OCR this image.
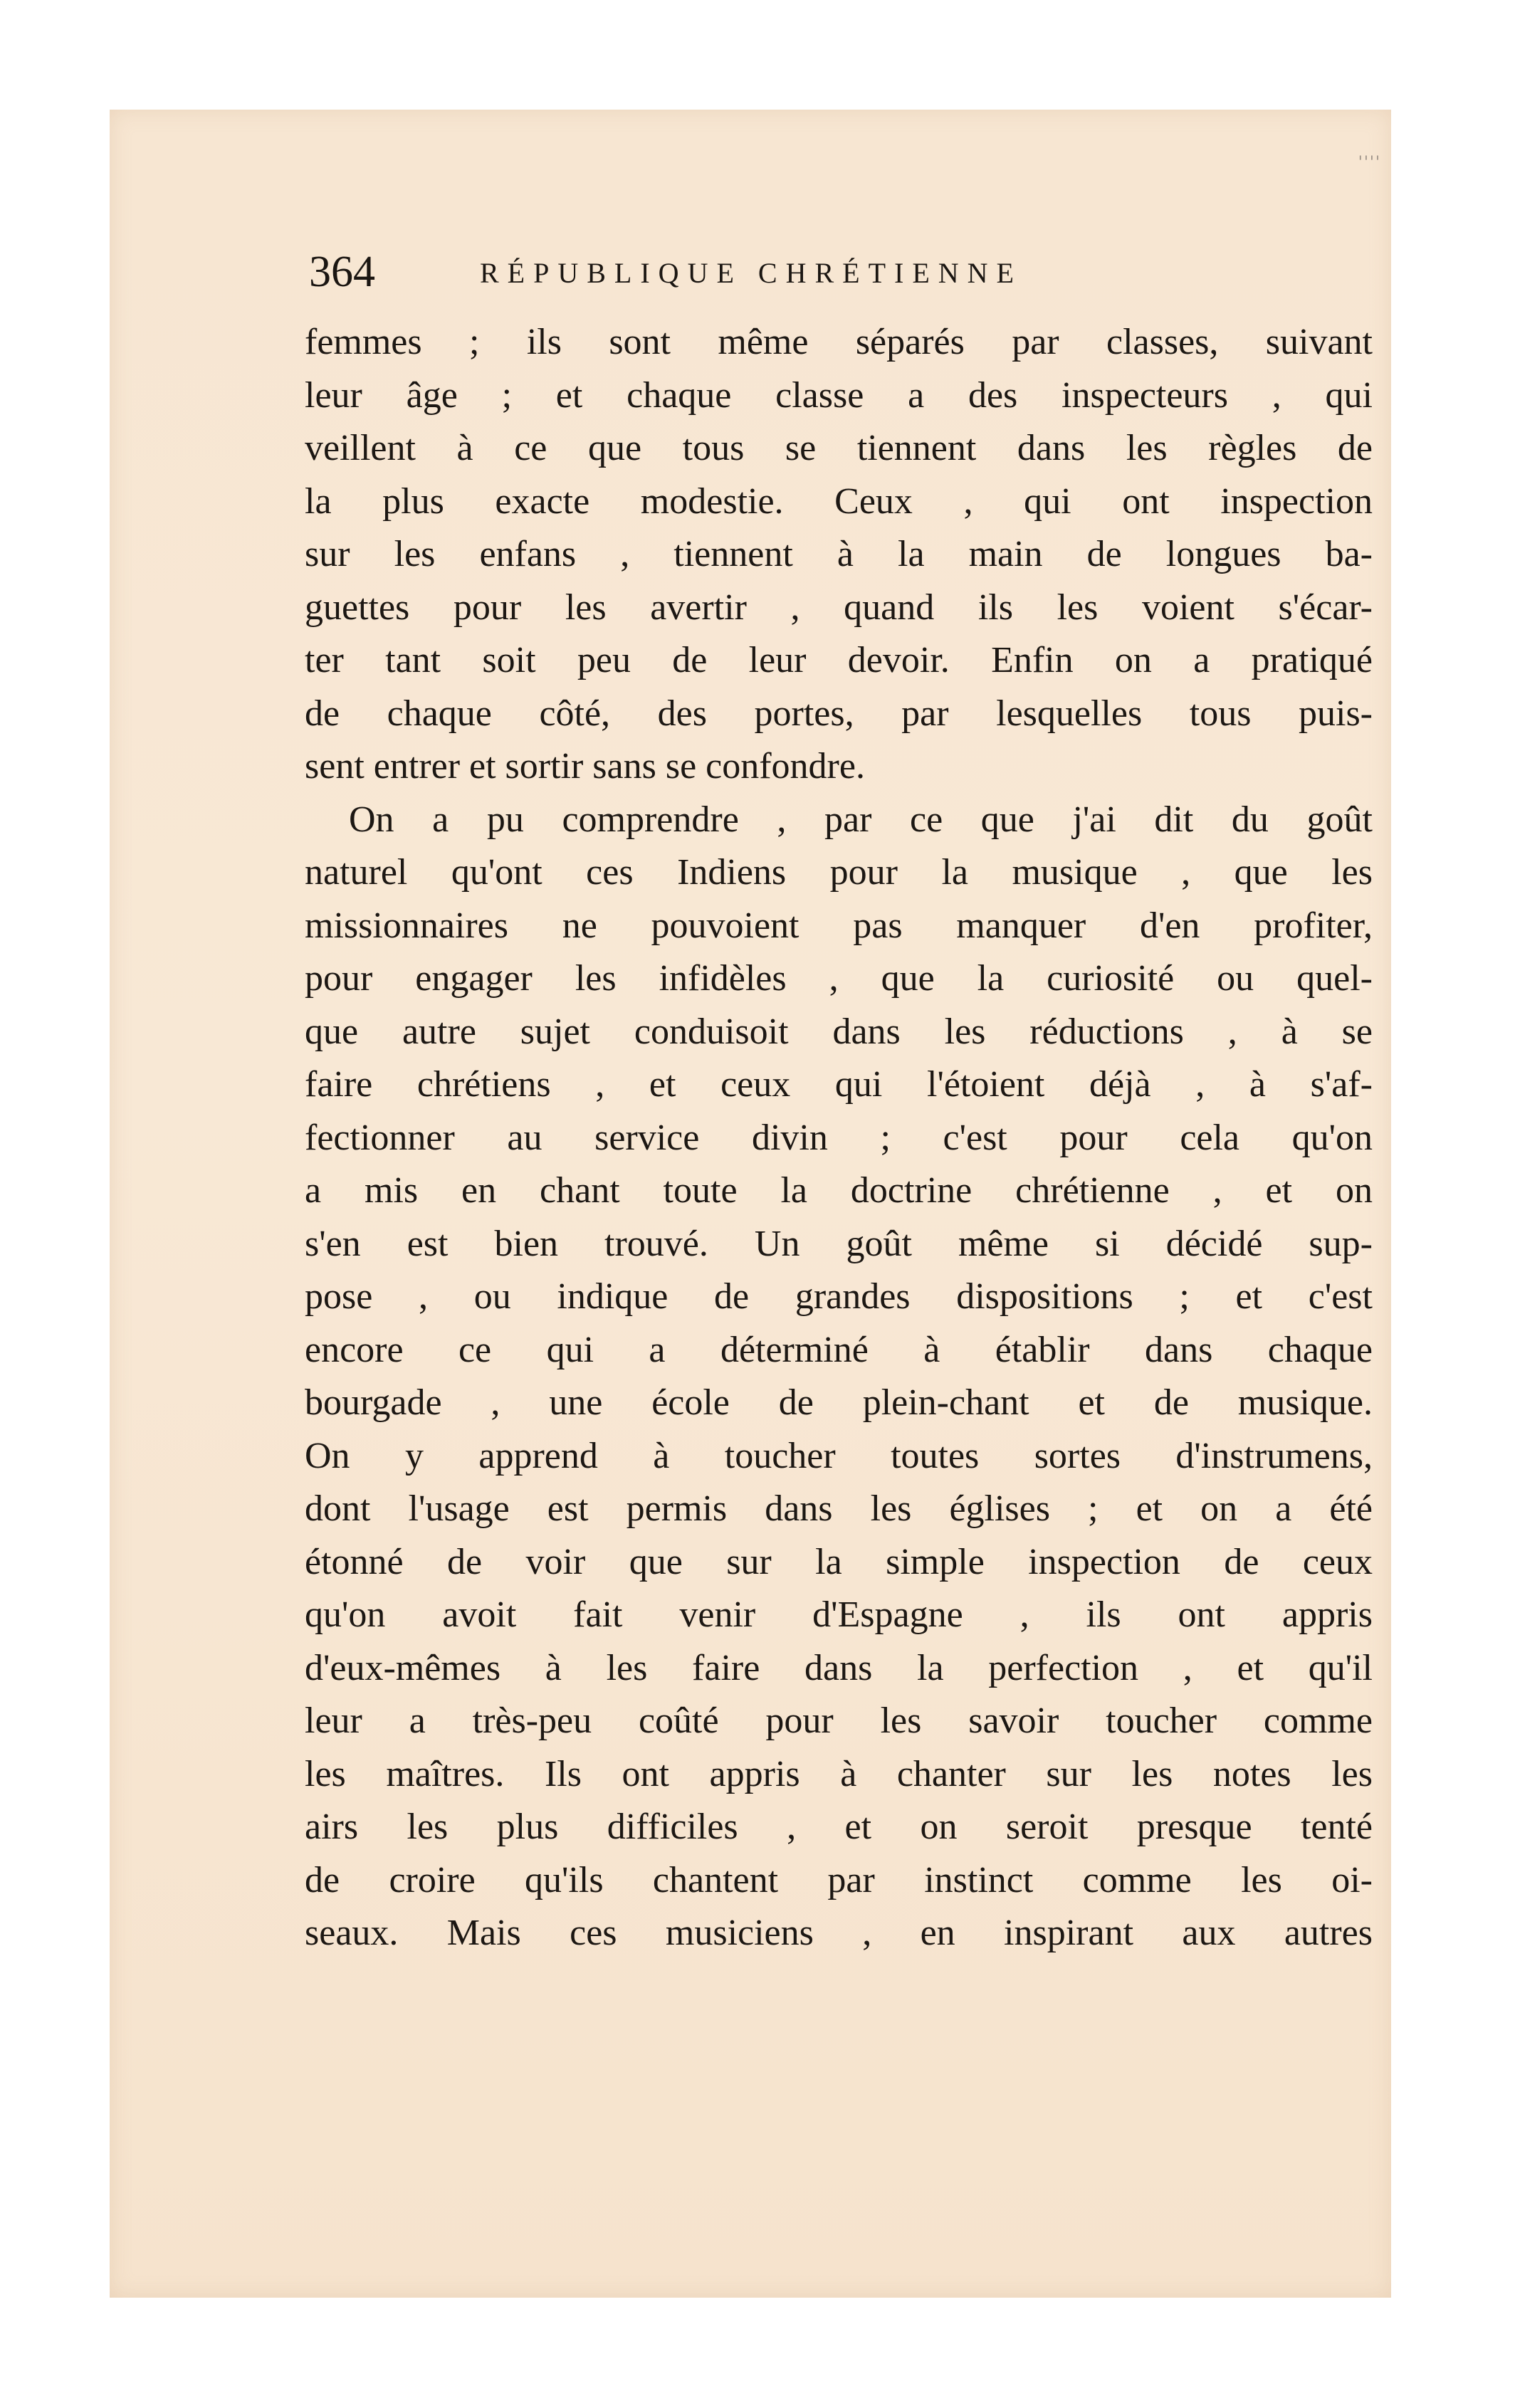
''''
364	RÉPUBLIQUE CHRÉTIENNE
femmes ; ils sont même séparés par classes, suivant
leur âge ; et chaque classe a des inspecteurs , qui
veillent à ce que tous se tiennent dans les règles de
la plus exacte modestie. Ceux , qui ont inspection
sur les enfans , tiennent à la main de longues ba-
guettes pour les avertir , quand ils les voient s'écar-
ter tant soit peu de leur devoir. Enfin on a pratiqué
de chaque côté, des portes, par lesquelles tous puis-
sent entrer et sortir sans se confondre.
On a pu comprendre , par ce que j'ai dit du goût
naturel qu'ont ces Indiens pour la musique , que les
missionnaires ne pouvoient pas manquer d'en profiter,
pour engager les infidèles , que la curiosité ou quel-
que autre sujet conduisoit dans les réductions , à se
faire chrétiens , et ceux qui l'étoient déjà , à s'af-
fectionner au service divin ; c'est pour cela qu'on
a mis en chant toute la doctrine chrétienne , et on
s'en est bien trouvé. Un goût même si décidé sup-
pose , ou indique de grandes dispositions ; et c'est
encore ce qui a déterminé à établir dans chaque
bourgade , une école de plein-chant et de musique.
On y apprend à toucher toutes sortes d'instrumens,
dont l'usage est permis dans les églises ; et on a été
étonné de voir que sur la simple inspection de ceux
qu'on avoit fait venir d'Espagne , ils ont appris
d'eux-mêmes à les faire dans la perfection , et qu'il
leur a très-peu coûté pour les savoir toucher comme
les maîtres. Ils ont appris à chanter sur les notes les
airs les plus difficiles , et on seroit presque tenté
de croire qu'ils chantent par instinct comme les oi-
seaux. Mais ces musiciens , en inspirant aux autres
